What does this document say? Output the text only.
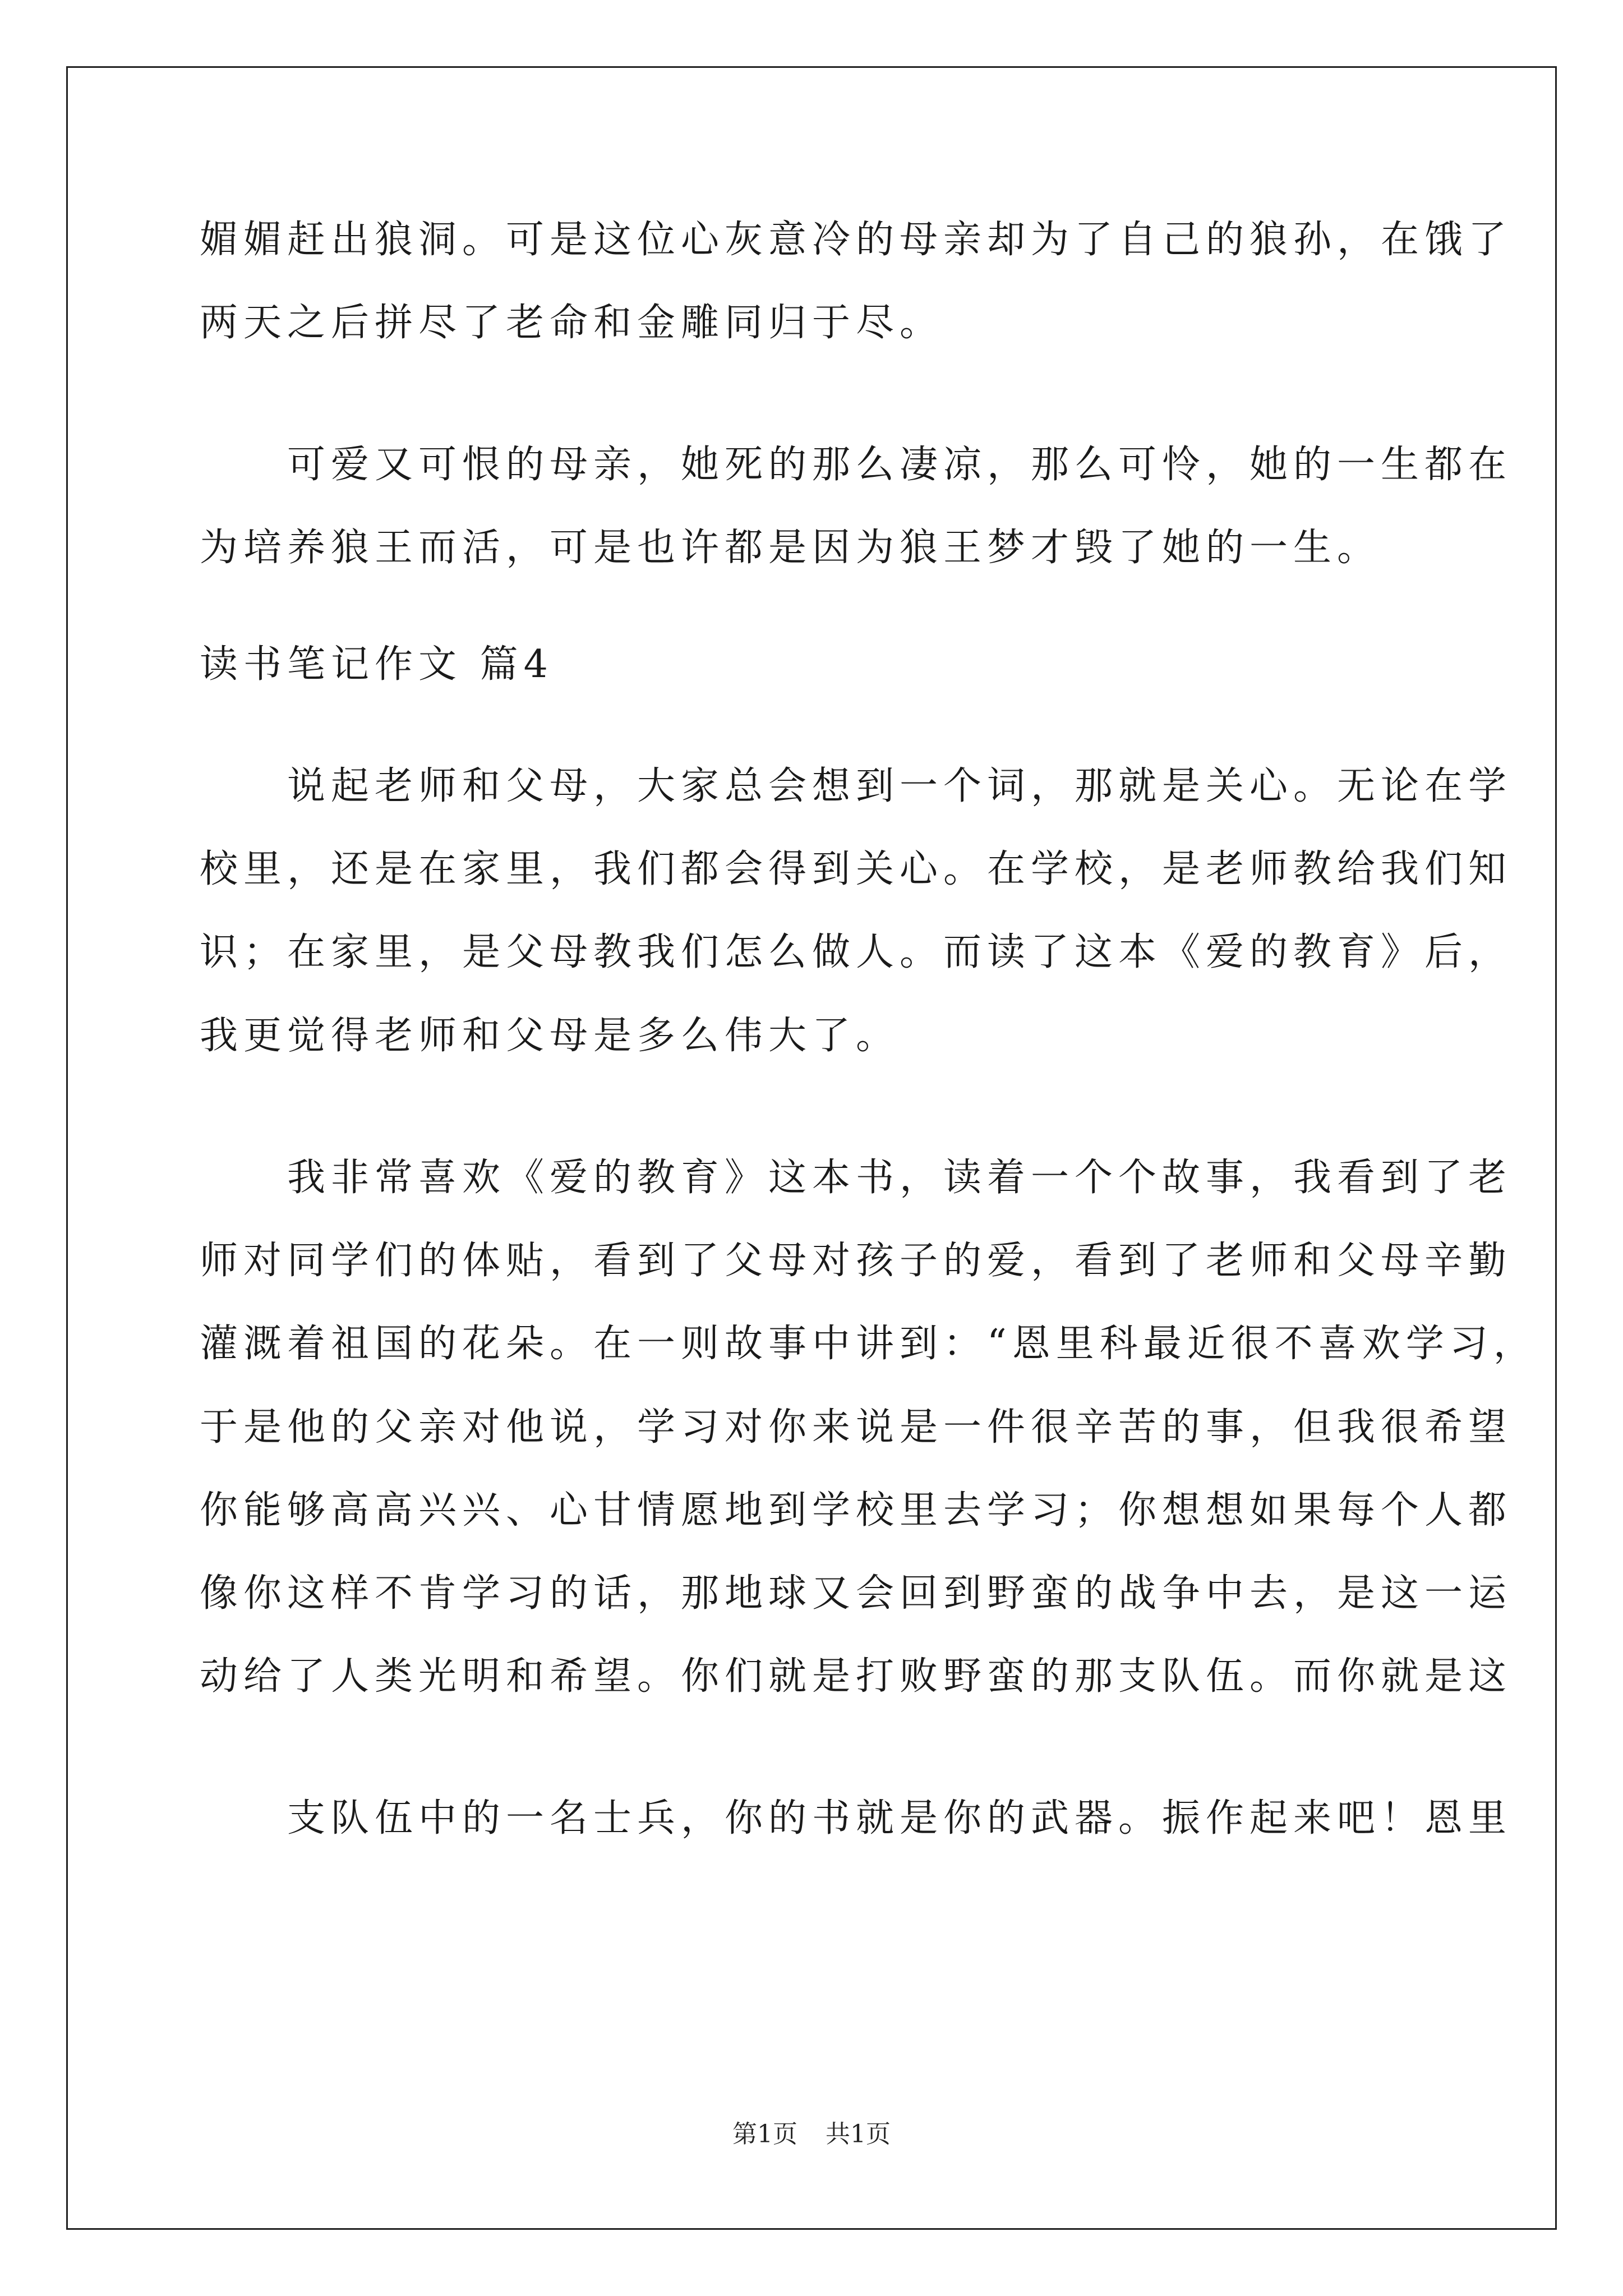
媚媚赶出狼洞。可是这位心灰意冷的母亲却为了自己的狼孙，在饿了
两天之后拼尽了老命和金雕同归于尽。
　　可爱又可恨的母亲，她死的那么凄凉，那么可怜，她的一生都在
为培养狼王而活，可是也许都是因为狼王梦才毁了她的一生。
读书笔记作文 篇4
　　说起老师和父母，大家总会想到一个词，那就是关心。无论在学
校里，还是在家里，我们都会得到关心。在学校，是老师教给我们知
识；在家里，是父母教我们怎么做人。而读了这本《爱的教育》后，
我更觉得老师和父母是多么伟大了。
　　我非常喜欢《爱的教育》这本书，读着一个个故事，我看到了老
师对同学们的体贴，看到了父母对孩子的爱，看到了老师和父母辛勤
灌溉着祖国的花朵。在一则故事中讲到：“恩里科最近很不喜欢学习，
于是他的父亲对他说，学习对你来说是一件很辛苦的事，但我很希望
你能够高高兴兴、心甘情愿地到学校里去学习；你想想如果每个人都
像你这样不肯学习的话，那地球又会回到野蛮的战争中去，是这一运
动给了人类光明和希望。你们就是打败野蛮的那支队伍。而你就是这
　　支队伍中的一名士兵，你的书就是你的武器。振作起来吧！恩里
第1页 共1页
